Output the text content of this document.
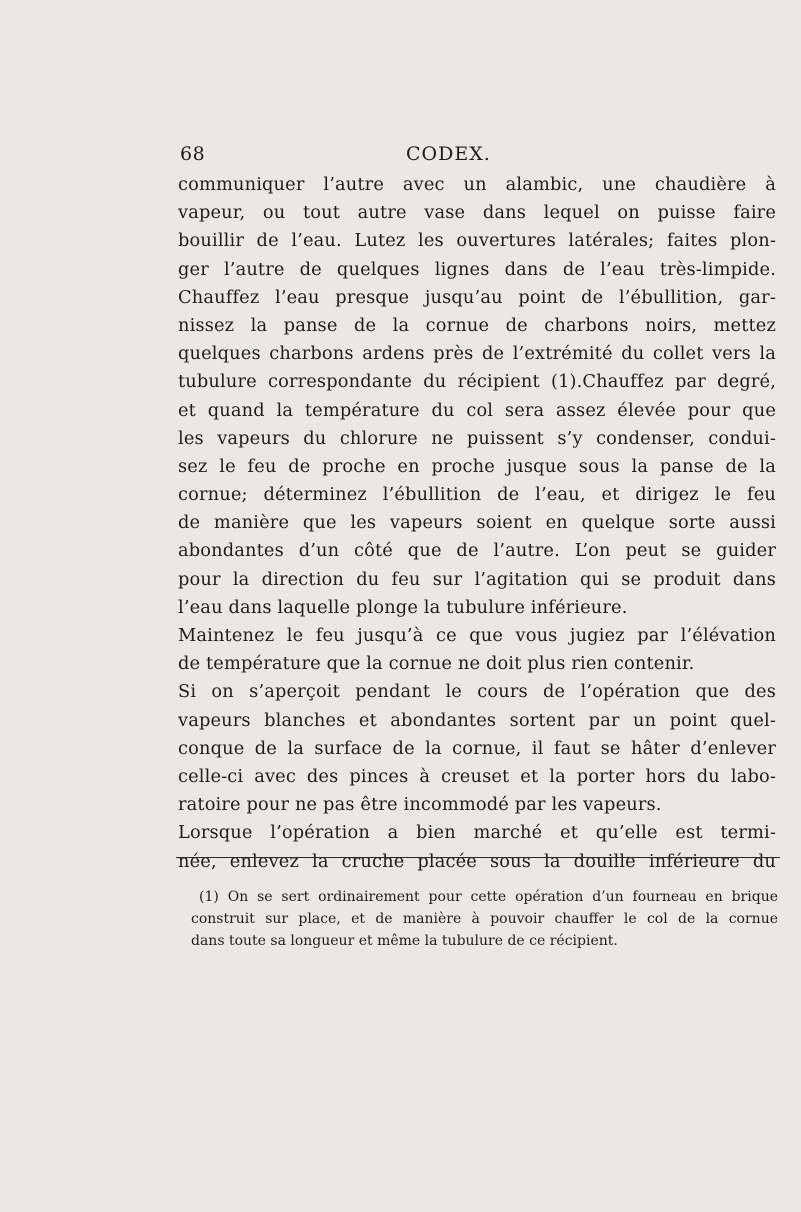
68	CODEX.
communiquer l’autre avec un alambic, une chaudière à
vapeur, ou tout autre vase dans lequel on puisse faire
bouillir de l’eau. Lutez les ouvertures latérales; faites plon-
ger l’autre de quelques lignes dans de l’eau très-limpide.
Chauffez l’eau presque jusqu’au point de l’ébullition, gar-
nissez la panse de la cornue de charbons noirs, mettez
quelques charbons ardens près de l’extrémité du collet vers la
tubulure correspondante du récipient (1).Chauffez par degré,
et quand la température du col sera assez élevée pour que
les vapeurs du chlorure ne puissent s’y condenser, condui-
sez le feu de proche en proche jusque sous la panse de la
cornue; déterminez l’ébullition de l’eau, et dirigez le feu
de manière que les vapeurs soient en quelque sorte aussi
abondantes d’un côté que de l’autre. L’on peut se guider
pour la direction du feu sur l’agitation qui se produit dans
l’eau dans laquelle plonge la tubulure inférieure.
Maintenez le feu jusqu’à ce que vous jugiez par l’élévation
de température que la cornue ne doit plus rien contenir.
Si on s’aperçoit pendant le cours de l’opération que des
vapeurs blanches et abondantes sortent par un point quel-
conque de la surface de la cornue, il faut se hâter d’enlever
celle-ci avec des pinces à creuset et la porter hors du labo-
ratoire pour ne pas être incommodé par les vapeurs.
Lorsque l’opération a bien marché et qu’elle est termi-
née, enlevez la cruche placée sous la douille inférieure du
(1) On se sert ordinairement pour cette opération d’un fourneau en brique
construit sur place, et de manière à pouvoir chauffer le col de la cornue
dans toute sa longueur et même la tubulure de ce récipient.
